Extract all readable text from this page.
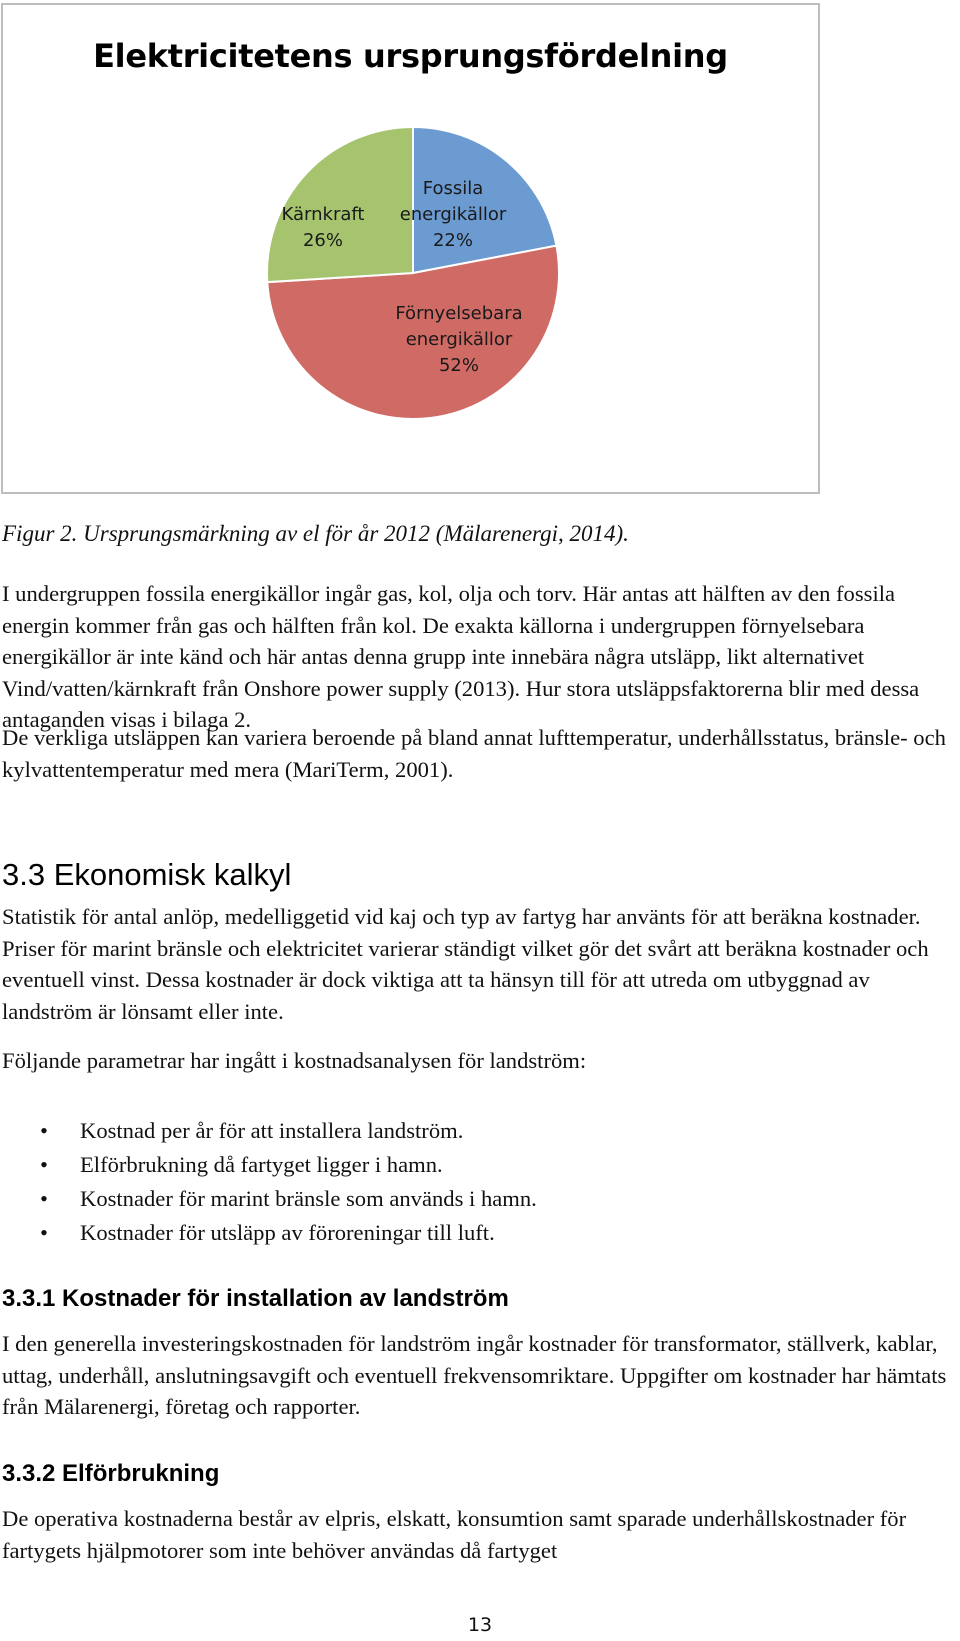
Elektricitetens ursprungsfördelning
Fossila energikällor 22%
Förnyelsebara energikällor 52%
Kärnkraft 26%

Figur 2. Ursprungsmärkning av el för år 2012 (Mälarenergi, 2014).

I undergruppen fossila energikällor ingår gas, kol, olja och torv. Här antas att hälften av den fossila energin kommer från gas och hälften från kol. De exakta källorna i undergruppen förnyelsebara energikällor är inte känd och här antas denna grupp inte innebära några utsläpp, likt alternativet Vind/vatten/kärnkraft från Onshore power supply (2013). Hur stora utsläppsfaktorerna blir med dessa antaganden visas i bilaga 2.

De verkliga utsläppen kan variera beroende på bland annat lufttemperatur, underhållsstatus, bränsle- och kylvattentemperatur med mera (MariTerm, 2001).

3.3 Ekonomisk kalkyl

Statistik för antal anlöp, medelliggetid vid kaj och typ av fartyg har använts för att beräkna kostnader. Priser för marint bränsle och elektricitet varierar ständigt vilket gör det svårt att beräkna kostnader och eventuell vinst. Dessa kostnader är dock viktiga att ta hänsyn till för att utreda om utbyggnad av landström är lönsamt eller inte.

Följande parametrar har ingått i kostnadsanalysen för landström:

• Kostnad per år för att installera landström.
• Elförbrukning då fartyget ligger i hamn.
• Kostnader för marint bränsle som används i hamn.
• Kostnader för utsläpp av föroreningar till luft.
3.3.1 Kostnader för installation av landström

I den generella investeringskostnaden för landström ingår kostnader för transformator, ställverk, kablar, uttag, underhåll, anslutningsavgift och eventuell frekvensomriktare. Uppgifter om kostnader har hämtats från Mälarenergi, företag och rapporter.

3.3.2 Elförbrukning

De operativa kostnaderna består av elpris, elskatt, konsumtion samt sparade underhållskostnader för fartygets hjälpmotorer som inte behöver användas då fartyget

13
